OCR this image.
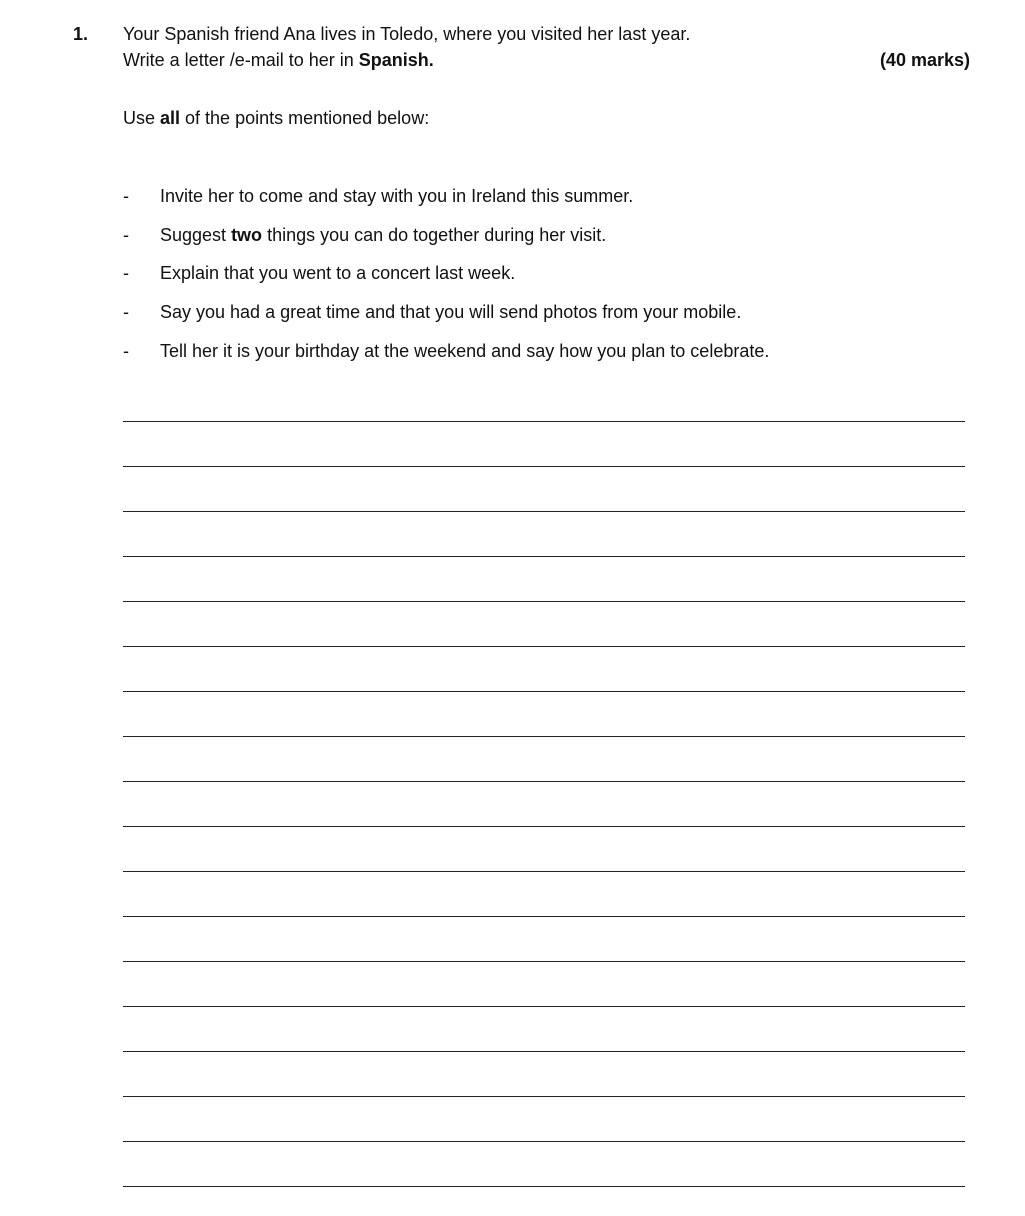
1. Your Spanish friend Ana lives in Toledo, where you visited her last year.
Write a letter /e-mail to her in Spanish.	(40 marks)
Use all of the points mentioned below:
- Invite her to come and stay with you in Ireland this summer.
- Suggest two things you can do together during her visit.
- Explain that you went to a concert last week.
- Say you had a great time and that you will send photos from your mobile.
- Tell her it is your birthday at the weekend and say how you plan to celebrate.
